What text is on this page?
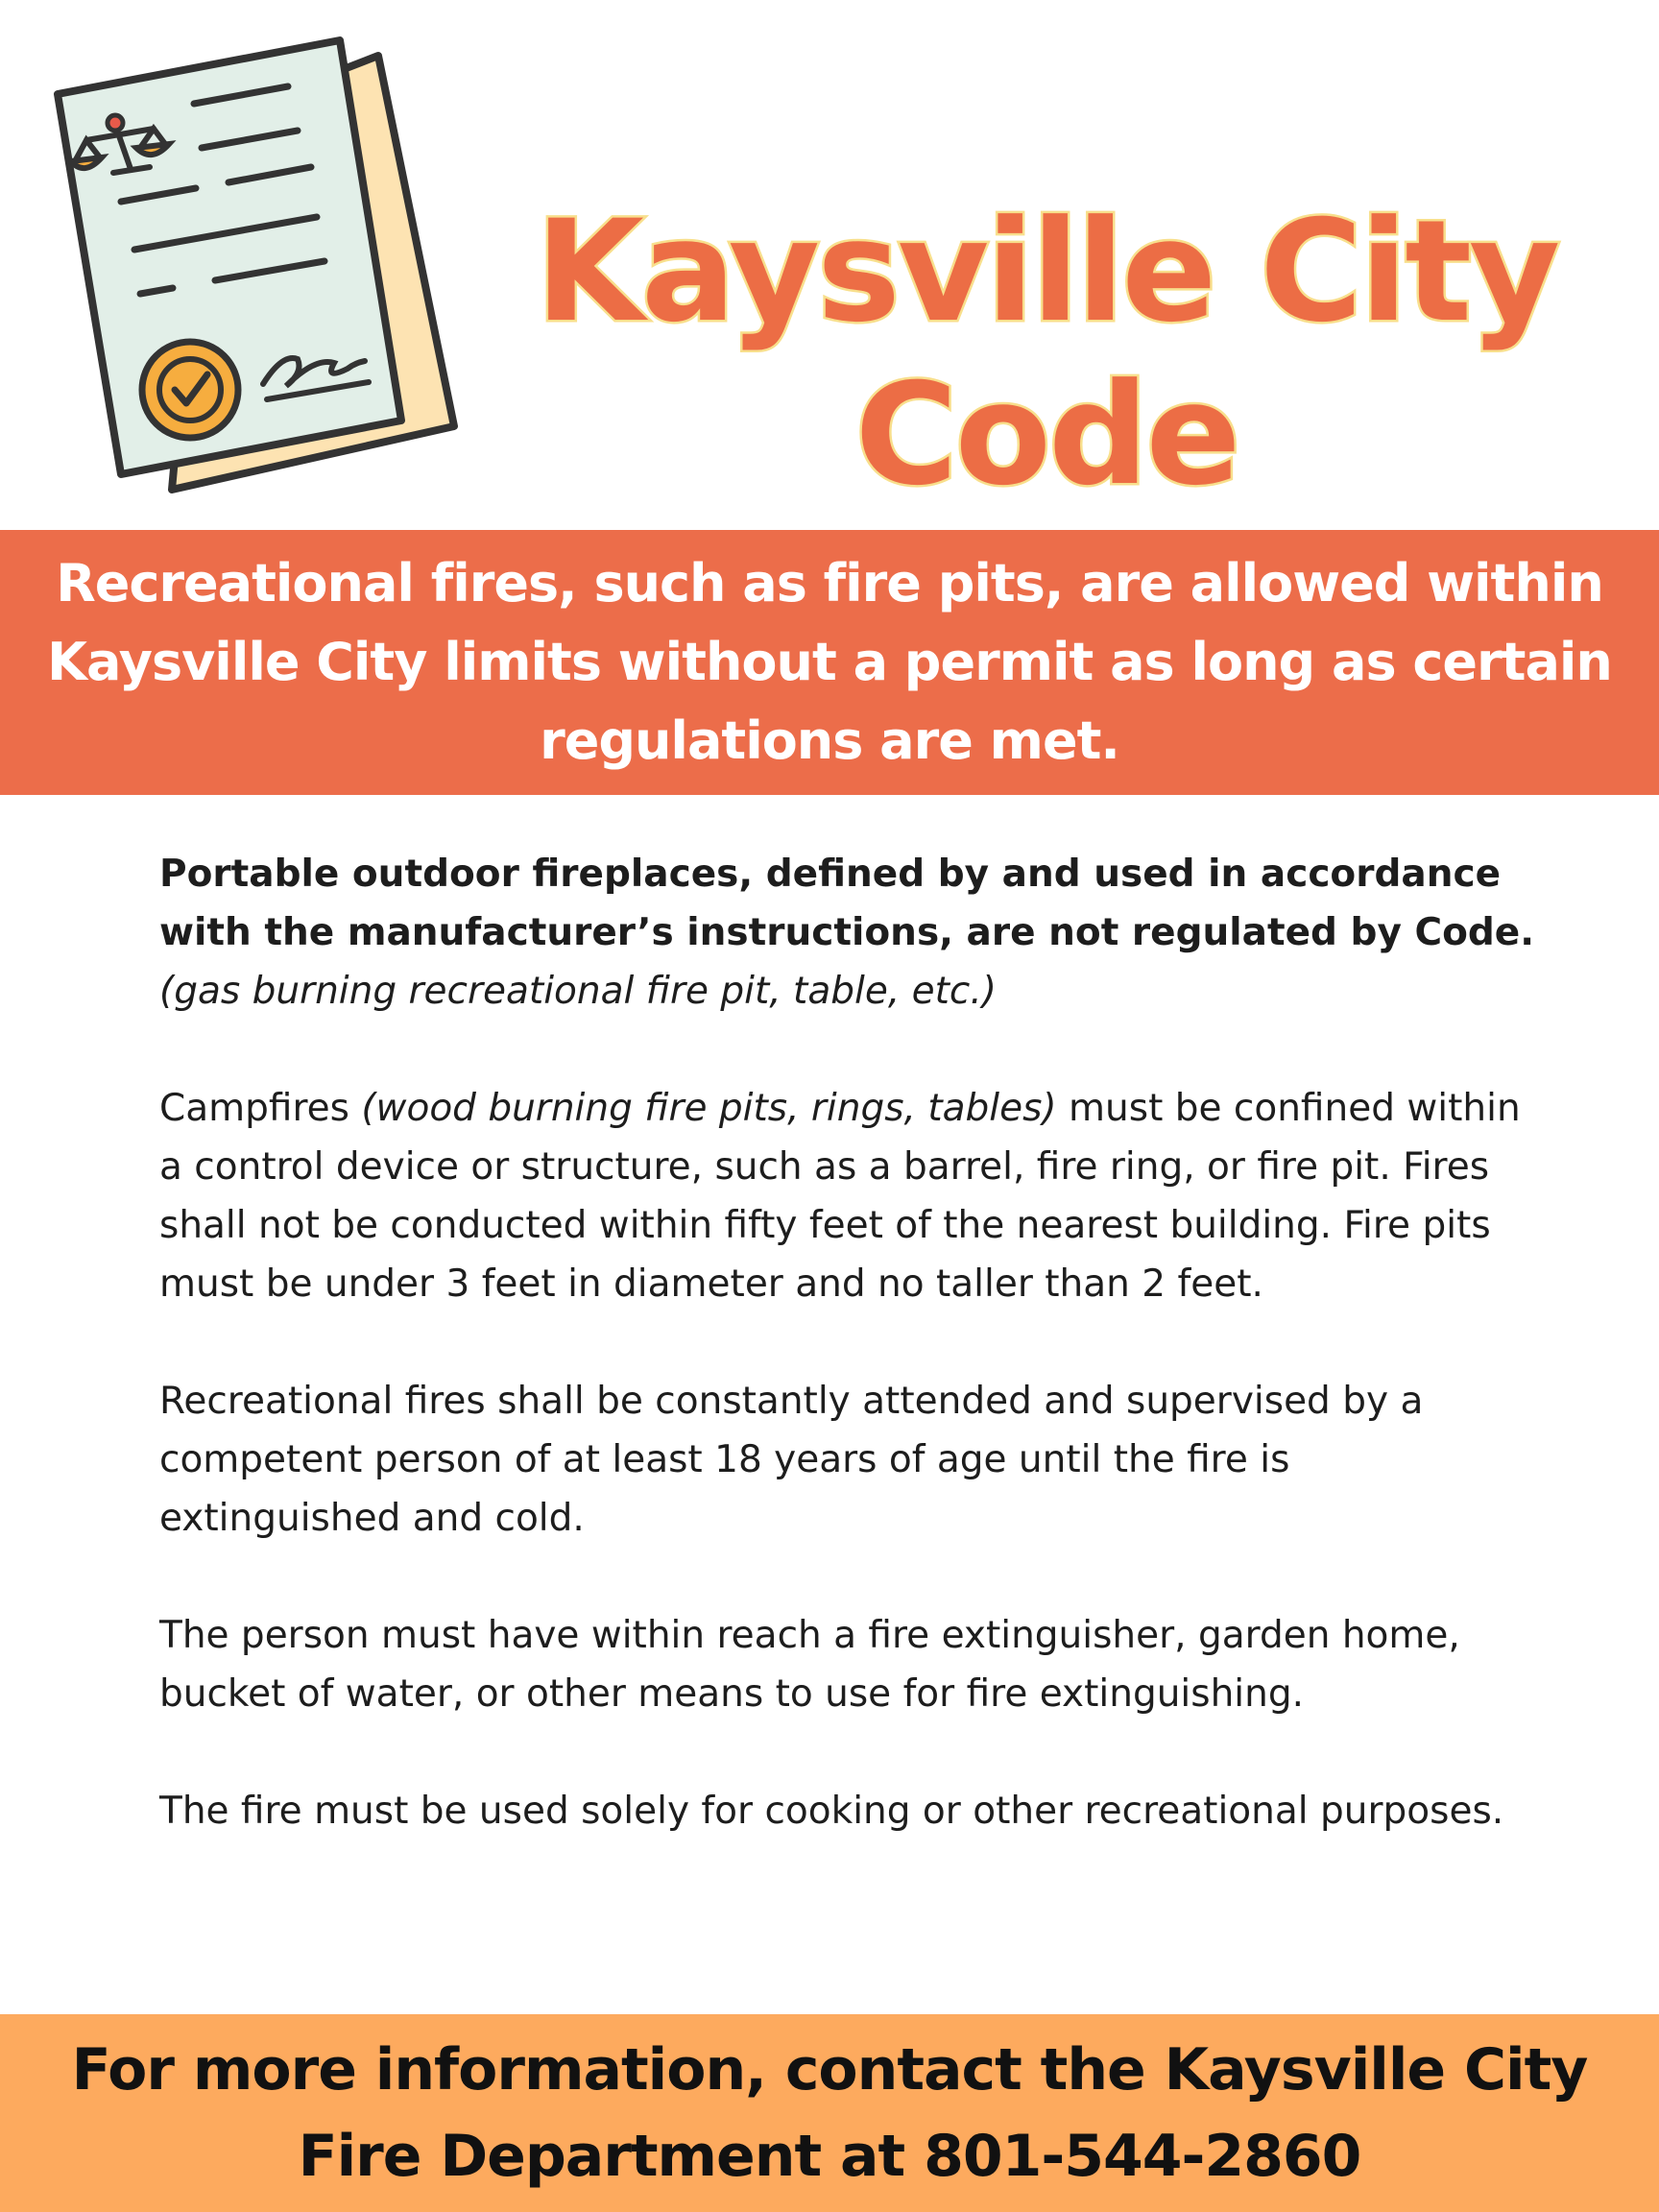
Kaysville City
Code

Recreational fires, such as fire pits, are allowed within Kaysville City limits without a permit as long as certain regulations are met.

Portable outdoor fireplaces, defined by and used in accordance with the manufacturer’s instructions, are not regulated by Code.
(gas burning recreational fire pit, table, etc.)

Campfires (wood burning fire pits, rings, tables) must be confined within a control device or structure, such as a barrel, fire ring, or fire pit. Fires shall not be conducted within fifty feet of the nearest building. Fire pits must be under 3 feet in diameter and no taller than 2 feet.

Recreational fires shall be constantly attended and supervised by a competent person of at least 18 years of age until the fire is extinguished and cold.

The person must have within reach a fire extinguisher, garden home, bucket of water, or other means to use for fire extinguishing.

The fire must be used solely for cooking or other recreational purposes.

For more information, contact the Kaysville City Fire Department at 801-544-2860
